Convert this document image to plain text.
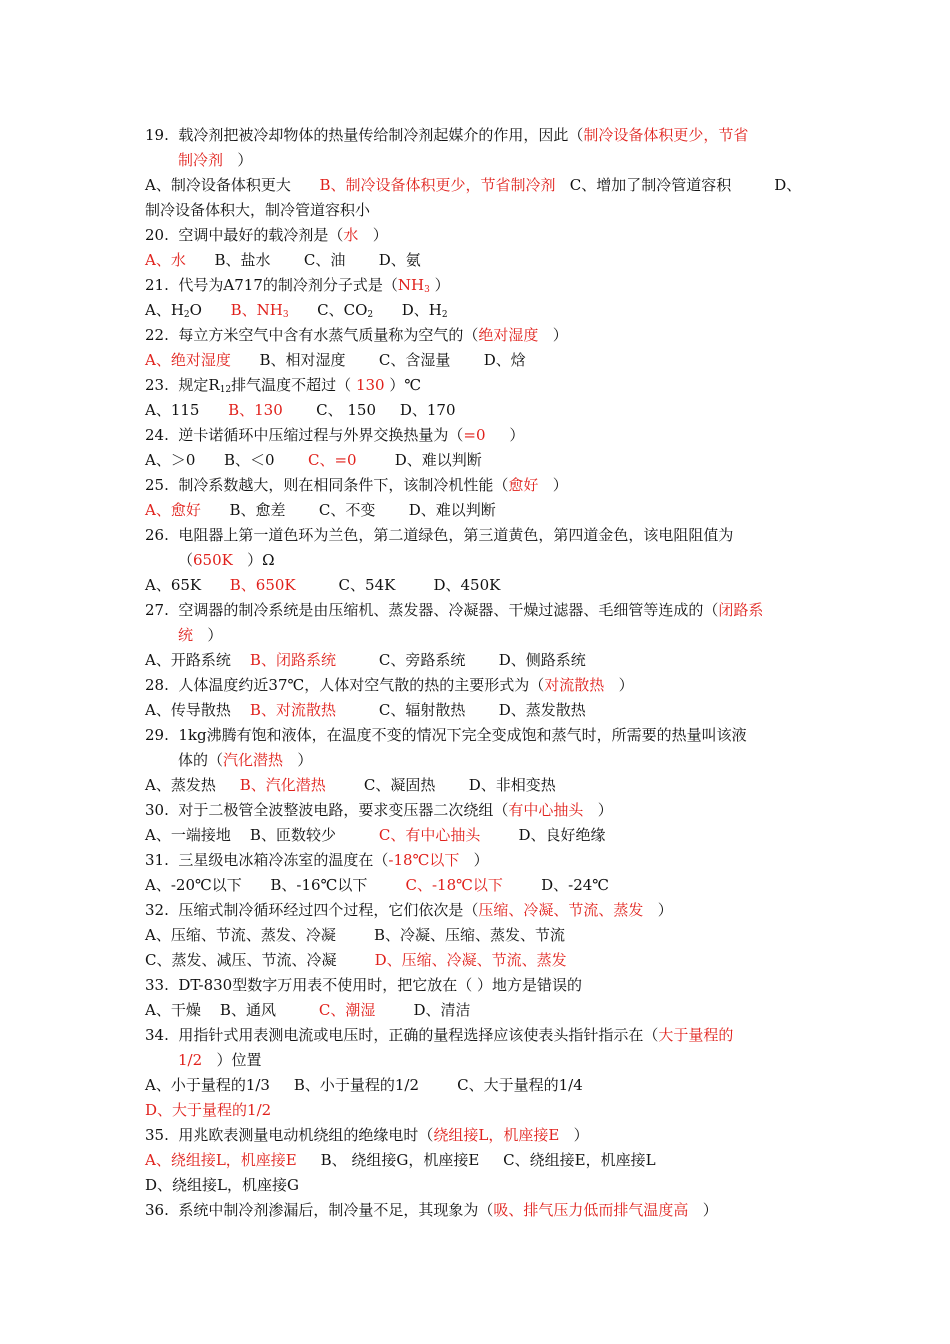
19. 载冷剂把被冷却物体的热量传给制冷剂起媒介的作用，因此（制冷设备体积更少，节省
制冷剂 ）
A、制冷设备体积更大 B、制冷设备体积更少，节省制冷剂 C、增加了制冷管道容积	D、
制冷设备体积大，制冷管道容积小
20. 空调中最好的载冷剂是（水 ）
A、水 B、盐水 C、油 D、氨
21. 代号为A717的制冷剂分子式是（$NH_3$ ）
A、$H_2O$ B、$NH_3$ C、$CO_2$ D、$H_2$
22. 每立方米空气中含有水蒸气质量称为空气的（绝对湿度 ）
A、绝对湿度 B、相对湿度 C、含湿量 D、焓
23. 规定$R_{12}$排气温度不超过（ 130 ）℃
A、115 B、130 C、 150 D、170
24. 逆卡诺循环中压缩过程与外界交换热量为（=0 ）
A、＞0 B、＜0 C、=0	D、难以判断
25. 制冷系数越大，则在相同条件下，该制冷机性能（愈好 ）
A、愈好 B、愈差 C、不变 D、难以判断
26. 电阻器上第一道色环为兰色，第二道绿色，第三道黄色，第四道金色，该电阻阻值为
（650K ）Ω
A、65K B、650K	C、54K	D、450K
27. 空调器的制冷系统是由压缩机、蒸发器、冷凝器、干燥过滤器、毛细管等连成的（闭路系
统 ）
A、开路系统 B、闭路系统	C、旁路系统 D、侧路系统
28. 人体温度约近37℃，人体对空气散的热的主要形式为（对流散热 ）
A、传导散热 B、对流散热	C、辐射散热 D、蒸发散热
29. 1kg沸腾有饱和液体，在温度不变的情况下完全变成饱和蒸气时，所需要的热量叫该液
体的（汽化潜热 ）
A、蒸发热 B、汽化潜热	C、凝固热 D、非相变热
30. 对于二极管全波整波电路，要求变压器二次绕组（有中心抽头 ）
A、一端接地 B、匝数较少	C、有中心抽头	D、良好绝缘
31. 三星级电冰箱冷冻室的温度在（-18℃以下 ）
A、-20℃以下 B、-16℃以下	C、-18℃以下	D、-24℃
32. 压缩式制冷循环经过四个过程，它们依次是（压缩、冷凝、节流、蒸发 ）
A、压缩、节流、蒸发、冷凝	B、冷凝、压缩、蒸发、节流
C、蒸发、减压、节流、冷凝	D、压缩、冷凝、节流、蒸发
33. DT-830型数字万用表不使用时，把它放在（ ）地方是错误的
A、干燥 B、通风	C、潮湿	D、清洁
34. 用指针式用表测电流或电压时，正确的量程选择应该使表头指针指示在（大于量程的
1/2 ）位置
A、小于量程的1/3 B、小于量程的1/2	C、大于量程的1/4
D、大于量程的1/2
35. 用兆欧表测量电动机绕组的绝缘电时（绕组接L，机座接E ）
A、绕组接L，机座接E B、 绕组接G，机座接E C、绕组接E，机座接L
D、绕组接L，机座接G
36. 系统中制冷剂渗漏后，制冷量不足，其现象为（吸、排气压力低而排气温度高 ）
